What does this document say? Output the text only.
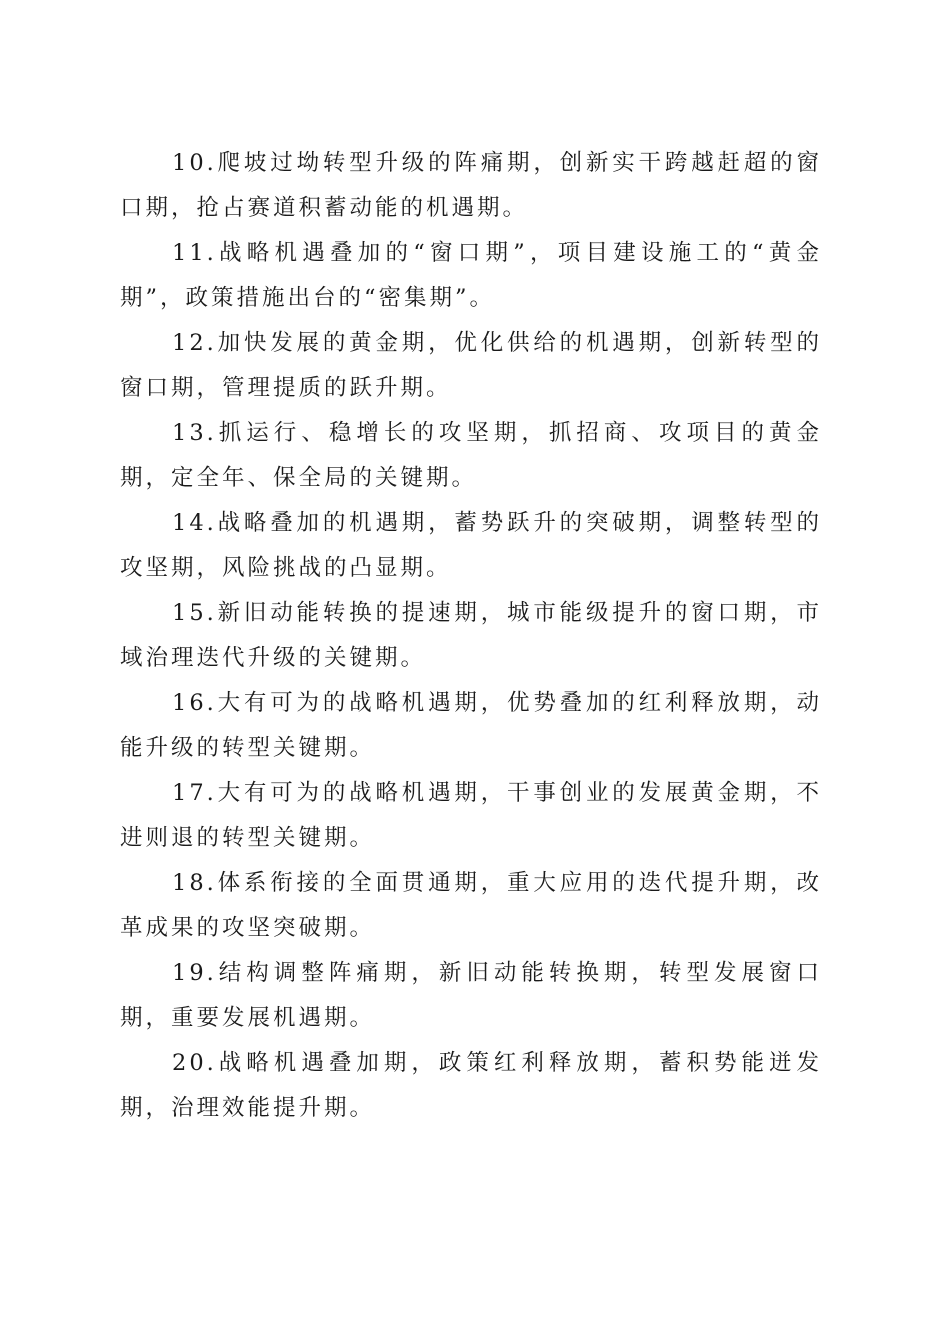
10.爬坡过坳转型升级的阵痛期，创新实干跨越赶超的窗口期，抢占赛道积蓄动能的机遇期。

11.战略机遇叠加的“窗口期”，项目建设施工的“黄金期”，政策措施出台的“密集期”。

12.加快发展的黄金期，优化供给的机遇期，创新转型的窗口期，管理提质的跃升期。

13.抓运行、稳增长的攻坚期，抓招商、攻项目的黄金期，定全年、保全局的关键期。

14.战略叠加的机遇期，蓄势跃升的突破期，调整转型的攻坚期，风险挑战的凸显期。

15.新旧动能转换的提速期，城市能级提升的窗口期，市域治理迭代升级的关键期。

16.大有可为的战略机遇期，优势叠加的红利释放期，动能升级的转型关键期。

17.大有可为的战略机遇期，干事创业的发展黄金期，不进则退的转型关键期。

18.体系衔接的全面贯通期，重大应用的迭代提升期，改革成果的攻坚突破期。

19.结构调整阵痛期，新旧动能转换期，转型发展窗口期，重要发展机遇期。

20.战略机遇叠加期，政策红利释放期，蓄积势能迸发期，治理效能提升期。
